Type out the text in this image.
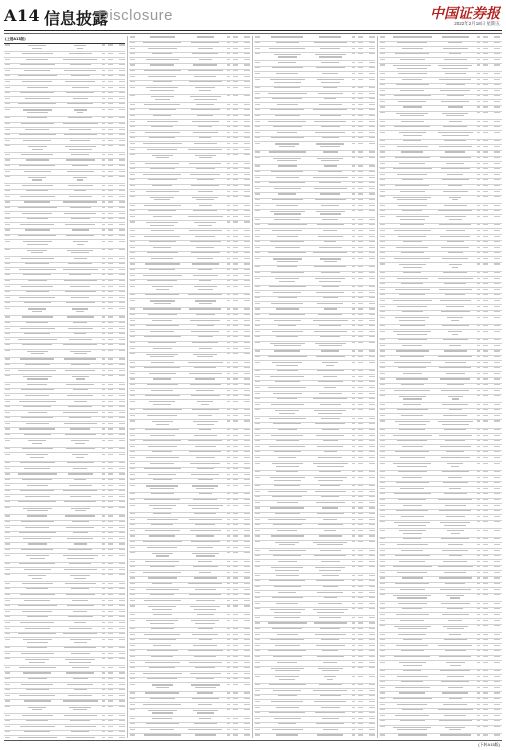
A14 信息披露
Disclosure	中国证券报
2022年2月18日 星期五
(上接A13版)
(下转A15版)
